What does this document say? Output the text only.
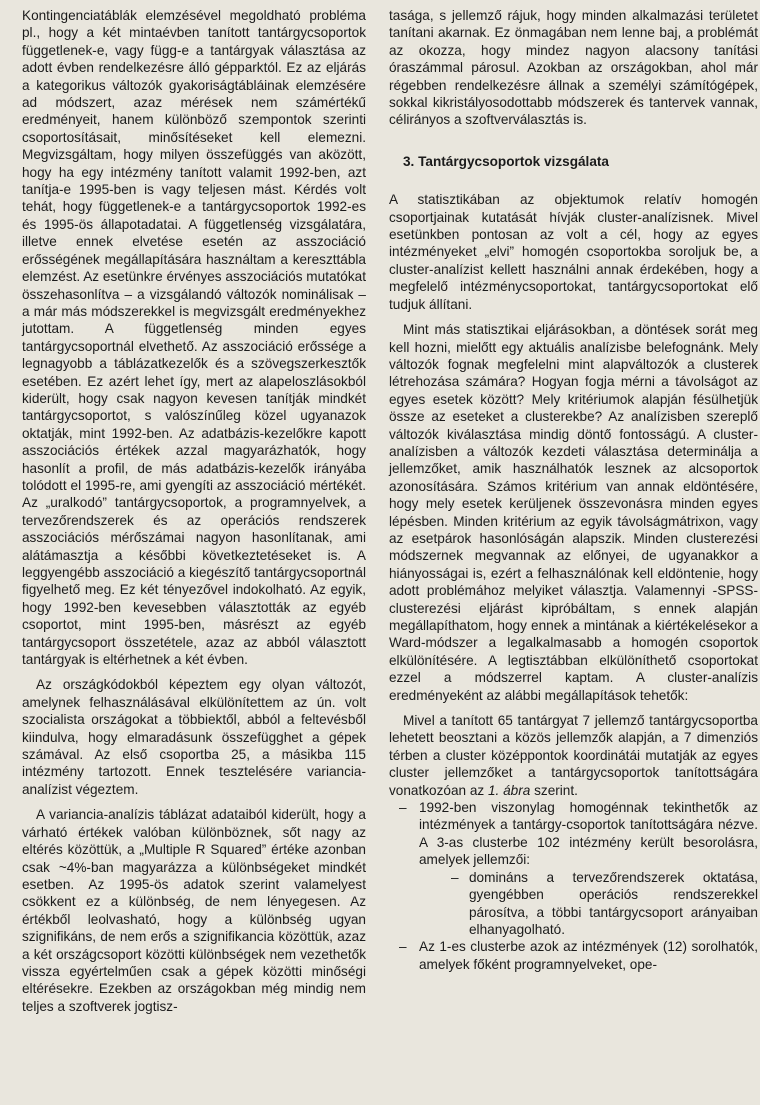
Kontingenciatáblák elemzésével megoldható probléma pl., hogy a két mintaévben tanított tantárgycsoportok függetlenek-e, vagy függ-e a tantárgyak választása az adott évben rendelkezésre álló gépparktól. Ez az eljárás a kategorikus változók gyakoriságtábláinak elemzésére ad módszert, azaz mérések nem számértékű eredményeit, hanem különböző szempontok szerinti csoportosításait, minősítéseket kell elemezni. Megvizsgáltam, hogy milyen összefüggés van aközött, hogy ha egy intézmény tanított valamit 1992-ben, azt tanítja-e 1995-ben is vagy teljesen mást. Kérdés volt tehát, hogy függetlenek-e a tantárgycsoportok 1992-es és 1995-ös állapotadatai. A függetlenség vizsgálatára, illetve ennek elvetése esetén az asszociáció erősségének megállapítására használtam a kereszttábla elemzést. Az esetünkre érvényes asszociációs mutatókat összehasonlítva – a vizsgálandó változók nominálisak – a már más módszerekkel is megvizsgált eredményekhez jutottam. A függetlenség minden egyes tantárgycsoportnál elvethető. Az asszociáció erőssége a legnagyobb a táblázatkezelők és a szövegszerkesztők esetében. Ez azért lehet így, mert az alapeloszlásokból kiderült, hogy csak nagyon kevesen tanítják mindkét tantárgycsoportot, s valószínűleg közel ugyanazok oktatják, mint 1992-ben. Az adatbázis-kezelőkre kapott asszociációs értékek azzal magyarázhatók, hogy hasonlít a profil, de más adatbázis-kezelők irányába tolódott el 1995-re, ami gyengíti az asszociáció mértékét. Az „uralkodó” tantárgycsoportok, a programnyelvek, a tervezőrendszerek és az operációs rendszerek asszociációs mérőszámai nagyon hasonlítanak, ami alátámasztja a későbbi következtetéseket is. A leggyengébb asszociáció a kiegészítő tantárgycsoportnál figyelhető meg. Ez két tényezővel indokolható. Az egyik, hogy 1992-ben kevesebben választották az egyéb csoportot, mint 1995-ben, másrészt az egyéb tantárgycsoport összetétele, azaz az abból választott tantárgyak is eltérhetnek a két évben.

Az országkódokból képeztem egy olyan változót, amelynek felhasználásával elkülönítettem az ún. volt szocialista országokat a többiektől, abból a feltevésből kiindulva, hogy elmaradásunk összefügghet a gépek számával. Az első csoportba 25, a másikba 115 intézmény tartozott. Ennek tesztelésére variancia-analízist végeztem.

A variancia-analízis táblázat adataiból kiderült, hogy a várható értékek valóban különböznek, sőt nagy az eltérés közöttük, a „Multiple R Squared” értéke azonban csak ~4%-ban magyarázza a különbségeket mindkét esetben. Az 1995-ös adatok szerint valamelyest csökkent ez a különbség, de nem lényegesen. Az értékből leolvasható, hogy a különbség ugyan szignifikáns, de nem erős a szignifikancia közöttük, azaz a két országcsoport közötti különbségek nem vezethetők vissza egyértelműen csak a gépek közötti minőségi eltérésekre. Ezekben az országokban még mindig nem teljes a szoftverek jogtisz-

tasága, s jellemző rájuk, hogy minden alkalmazási területet tanítani akarnak. Ez önmagában nem lenne baj, a problémát az okozza, hogy mindez nagyon alacsony tanítási óraszámmal párosul. Azokban az országokban, ahol már régebben rendelkezésre állnak a személyi számítógépek, sokkal kikristályosodottabb módszerek és tantervek vannak, célirányos a szoftverválasztás is.

3. Tantárgycsoportok vizsgálata

A statisztikában az objektumok relatív homogén csoportjainak kutatását hívják cluster-analízisnek. Mivel esetünkben pontosan az volt a cél, hogy az egyes intézményeket „elvi” homogén csoportokba soroljuk be, a cluster-analízist kellett használni annak érdekében, hogy a megfelelő intézménycsoportokat, tantárgycsoportokat elő tudjuk állítani.

Mint más statisztikai eljárásokban, a döntések sorát meg kell hozni, mielőtt egy aktuális analízisbe belefognánk. Mely változók fognak megfelelni mint alapváltozók a clusterek létrehozása számára? Hogyan fogja mérni a távolságot az egyes esetek között? Mely kritériumok alapján fésülhetjük össze az eseteket a clusterekbe? Az analízisben szereplő változók kiválasztása mindig döntő fontosságú. A cluster-analízisben a változók kezdeti választása determinálja a jellemzőket, amik használhatók lesznek az alcsoportok azonosítására. Számos kritérium van annak eldöntésére, hogy mely esetek kerüljenek összevonásra minden egyes lépésben. Minden kritérium az egyik távolságmátrixon, vagy az esetpárok hasonlóságán alapszik. Minden clusterezési módszernek megvannak az előnyei, de ugyanakkor a hiányosságai is, ezért a felhasználónak kell eldöntenie, hogy adott problémához melyiket választja. Valamennyi -SPSS-clusterezési eljárást kipróbáltam, s ennek alapján megállapíthatom, hogy ennek a mintának a kiértékelésekor a Ward-módszer a legalkalmasabb a homogén csoportok elkülönítésére. A legtisztábban elkülöníthető csoportokat ezzel a módszerrel kaptam. A cluster-analízis eredményeként az alábbi megállapítások tehetők:

Mivel a tanított 65 tantárgyat 7 jellemző tantárgycsoportba lehetett beosztani a közös jellemzők alapján, a 7 dimenziós térben a cluster középpontok koordinátái mutatják az egyes cluster jellemzőket a tantárgycsoportok tanítottságára vonatkozóan az 1. ábra szerint.

– 1992-ben viszonylag homogénnak tekinthetők az intézmények a tantárgy-csoportok tanítottságára nézve. A 3-as clusterbe 102 intézmény került besorolásra, amelyek jellemzői:
– domináns a tervezőrendszerek oktatása, gyengébben operációs rendszerekkel párosítva, a többi tantárgycsoport arányaiban elhanyagolható.
– Az 1-es clusterbe azok az intézmények (12) sorolhatók, amelyek főként programnyelveket, ope-
